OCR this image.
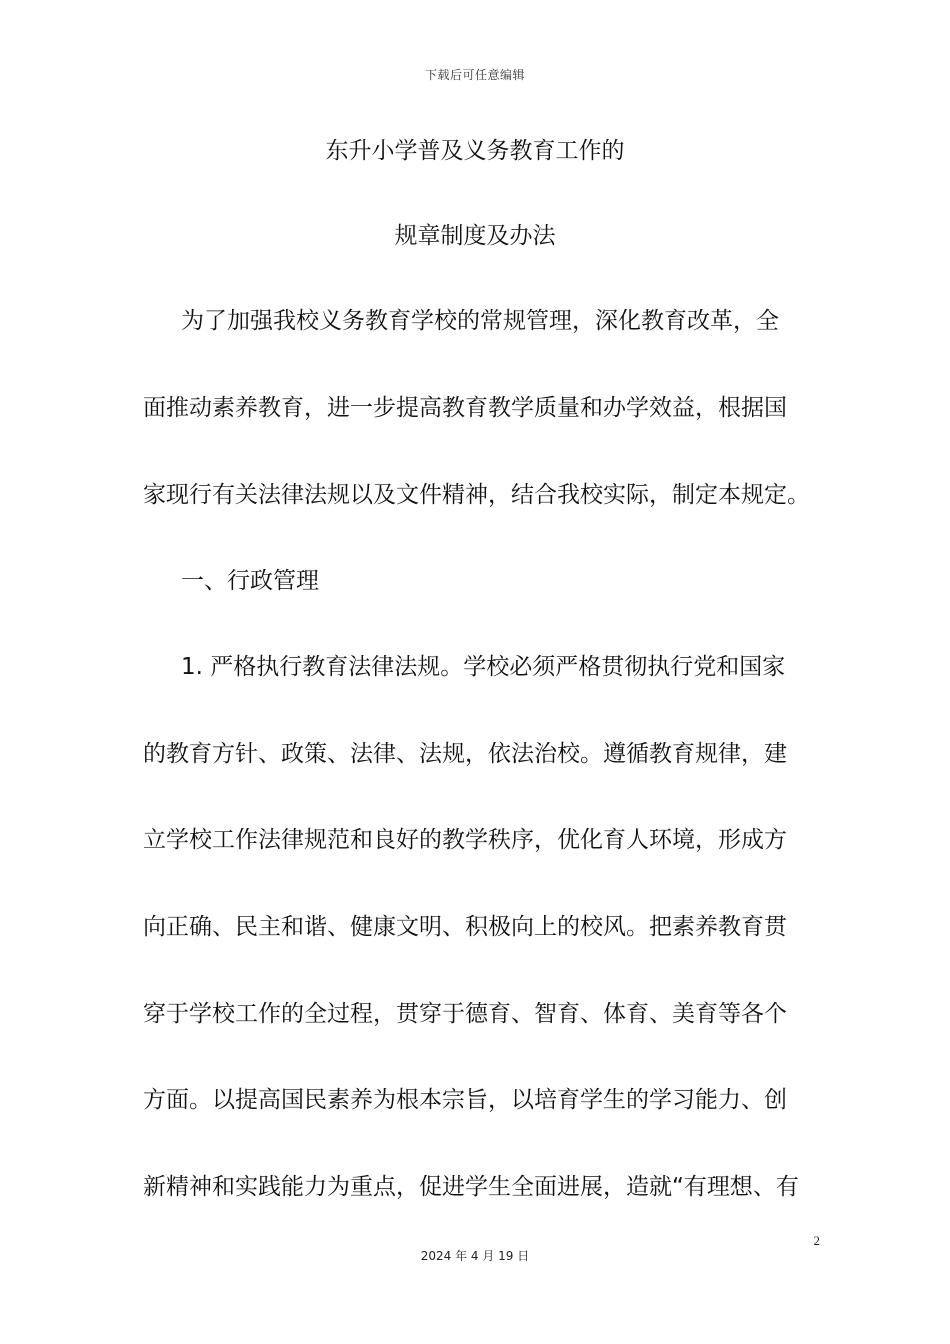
下载后可任意编辑
东升小学普及义务教育工作的
规章制度及办法
为了加强我校义务教育学校的常规管理，深化教育改革，全
面推动素养教育，进一步提高教育教学质量和办学效益，根据国
家现行有关法律法规以及文件精神，结合我校实际，制定本规定。
一、行政管理
1. 严格执行教育法律法规。学校必须严格贯彻执行党和国家
的教育方针、政策、法律、法规，依法治校。遵循教育规律，建
立学校工作法律规范和良好的教学秩序，优化育人环境，形成方
向正确、民主和谐、健康文明、积极向上的校风。把素养教育贯
穿于学校工作的全过程，贯穿于德育、智育、体育、美育等各个
方面。以提高国民素养为根本宗旨，以培育学生的学习能力、创
新精神和实践能力为重点，促进学生全面进展，造就“有理想、有
2
2024 年 4 月 19 日
